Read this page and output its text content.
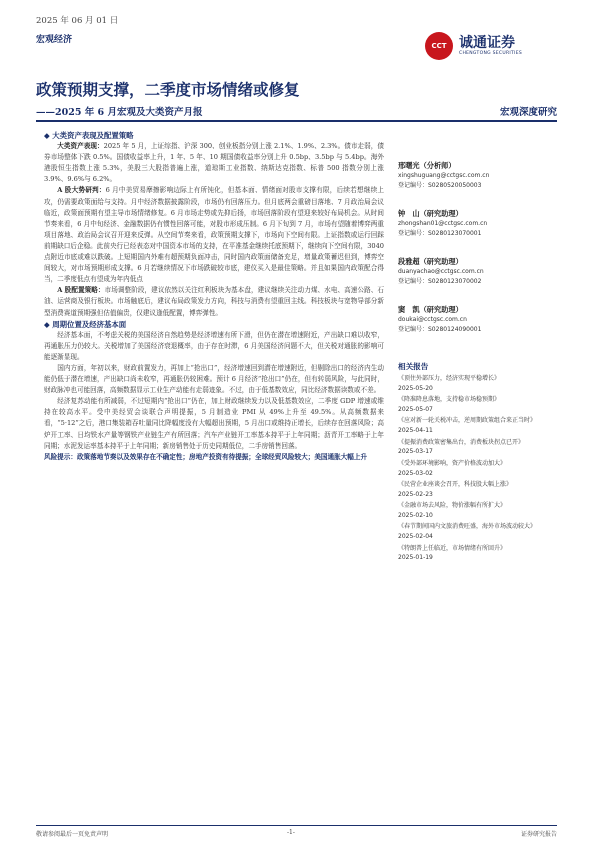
2025 年 06 月 01 日
宏观经济
CCT 诚通证券
CHENGTONG SECURITIES
政策预期支撑，二季度市场情绪或修复
——2025 年 6 月宏观及大类资产月报	宏观深度研究

◆ 大类资产表现及配置策略

大类资产表现：2025 年 5 月，上证综指、沪深 300、创业板指分别上涨 2.1%、1.9%、2.3%。债市走弱，债券市场整体下跌 0.5%。国债收益率上升，1 年、5 年、10 期国债收益率分别上升 0.5bp、3.5bp 与 5.4bp。海外港股恒生指数上涨 5.3%，美股三大股指普遍上涨，道琼斯工业指数、纳斯达克指数、标普 500 指数分别上涨 3.9%、9.6%与 6.2%。

A 股大势研判：6 月中美贸易摩擦影响边际上有所钝化，但基本面、情绪面对股市支撑有限，后续若想继续上攻，仍需要政策面给与支持。月中经济数据披露阶段，市场仍有回落压力。但月底两会重磅目落地、7 月政治局会议临近，政策面预期有望主导市场情绪修复。6 月市场走势或先抑后扬，市场回落阶段有望迎来较好布局机会。从时间节奏来看，6 月中旬经济、金融数据仍有惯性回落可能，对股市形成压制。6 月下旬到 7 月，市场有望随着博弈两重项目落地、政治局会议召开迎来反弹。从空间节奏来看，政策预期支撑下，市场向下空间有限。上证指数或运行回踩前期缺口后企稳。此前央行已经表态对中国资本市场的支持，在平准基金继续托底预期下，继续向下空间有限，3040 点附近市底或难以跌破。上短期国内外难有超预期负面冲击，同时国内政策面储备充足，增量政策蓄迟但到，博弈空间较大，对市场预期形成支撑。6 月若继续情况下市场跌破较市底，建仪买入是最佳策略。并且如果国内政策配合得当，二季度低点有望成为年内低点

A 股配置策略：市场调整阶段，建议依然以关注红利板块为基本盘，建议继续关注动力煤、水电、高速公路、石油、运营商及银行板块。市场触底后，建议布局政策发力方向，科技与消费有望重回主线。科技板块与宽物导部分新型消费赛道预期强但估值偏贵，仅建议逢低配置，博弈弹性。

◆ 周期位置及经济基本面

经济基本面，不考虑关税的美国经济自然趋势是经济增速有所下滑，但仍在潜在增速附近，产出缺口难以收窄，再通胀压力仍较大。关税增加了美国经济衰退概率，由于存在时滞，6 月美国经济问题不大，但关税对通胀的影响可能逐渐显现。

国内方面，年初以来，财政前置发力，再加上“抢出口”，经济增速回到潜在增速附近，但剔除出口的经济内生动能仍低于潜在增速，产出缺口尚未收窄，再通胀仍较困难。预计 6 月经济“抢出口”仍在，但有转弱风险，与此同时，财政脉冲也可能回落，高频数据显示工业生产动能有走弱迹象。不过，由于低基数效应，同比经济数据读数或不差。

经济复苏动能有所减弱，不过短期内“抢出口”仍在，加上财政继续发力以及低基数效应，二季度 GDP 增速或维持在较高水平。受中美经贸会谈联合声明提振，5 月制造业 PMI 从 49%上升至 49.5%。从高频数据来看，“5·12”之后，港口集装箱吞吐量同比降幅度没有大幅超出预期，5 月出口或维持正增长，后续存在回落风险；高炉开工率、日均铁水产量等钢铁产业链生产有所回落；汽车产业链开工率基本持平于上年同期；沥青开工率略于上年同期；水泥发运率基本持平于上年同期；新房销售处于历史同期低位，二手房销售回落。

风险提示：政策落地节奏以及效果存在不确定性；房地产投资有待提振；全球经贸风险较大；美国通胀大幅上升

邢曙光（分析师）
xingshuguang@cctgsc.com.cn
登记编号：S0280520050003
钟　山（研究助理）
zhongshan01@cctgsc.com.cn
登记编号：S0280123070001
段雅超（研究助理）
duanyachao@cctgsc.com.cn
登记编号：S0280123070002
窦　凯（研究助理）
doukai@cctgsc.com.cn
登记编号：S0280124090001
相关报告
《顶住外部压力，经济实现平稳增长》
2025-05-20
《降准降息落地，支持稳市场稳预期》
2025-05-07
《应对新一轮关税冲击，逆周期政策组合来正当时》
2025-04-11
《提振消费政策密集出台，消费板块拐点已开》
2025-03-17
《受外部环境影响，资产价格波动加大》
2025-03-02
《民营企业座谈会召开，科技股大幅上涨》
2025-02-23
《金融市场去风险，物价涨幅有所扩大》
2025-02-10
《春节期间国内文旅消费旺盛，海外市场波动较大》
2025-02-04
《特朗普上任临近，市场情绪有所回升》
2025-01-19
敬请参阅最后一页免责声明	-1-	证券研究报告
